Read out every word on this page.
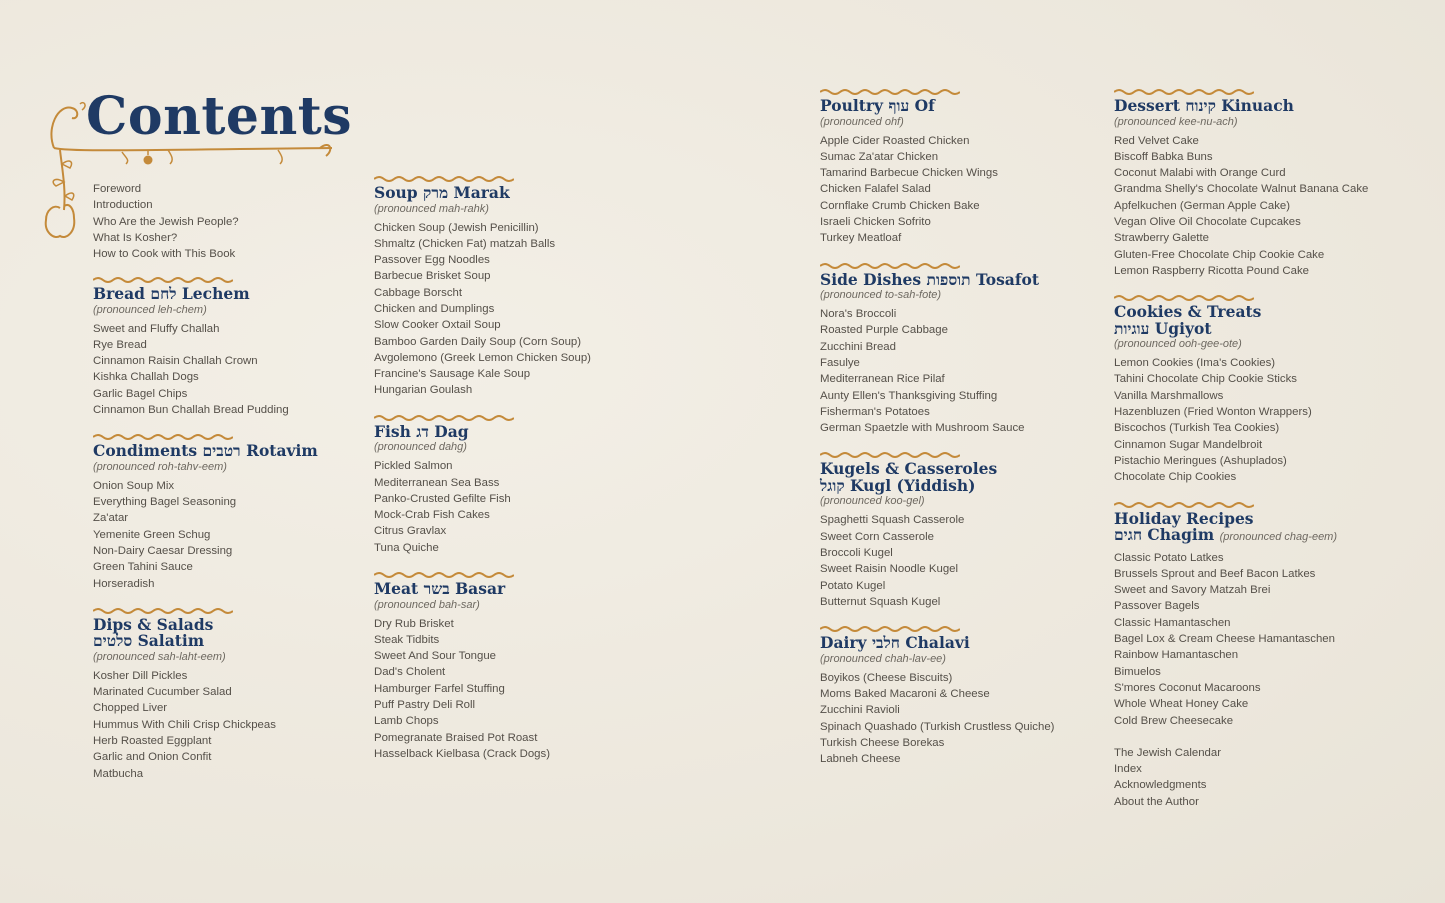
Contents
Foreword
Introduction
Who Are the Jewish People?
What Is Kosher?
How to Cook with This Book
Bread לחם Lechem
(pronounced leh-chem)
Sweet and Fluffy Challah
Rye Bread
Cinnamon Raisin Challah Crown
Kishka Challah Dogs
Garlic Bagel Chips
Cinnamon Bun Challah Bread Pudding
Condiments רטבים Rotavim
(pronounced roh-tahv-eem)
Onion Soup Mix
Everything Bagel Seasoning
Za'atar
Yemenite Green Schug
Non-Dairy Caesar Dressing
Green Tahini Sauce
Horseradish
Dips & Salads
סלטים Salatim
(pronounced sah-laht-eem)
Kosher Dill Pickles
Marinated Cucumber Salad
Chopped Liver
Hummus With Chili Crisp Chickpeas
Herb Roasted Eggplant
Garlic and Onion Confit
Matbucha
Soup מרק Marak
(pronounced mah-rahk)
Chicken Soup (Jewish Penicillin)
Shmaltz (Chicken Fat) matzah Balls
Passover Egg Noodles
Barbecue Brisket Soup
Cabbage Borscht
Chicken and Dumplings
Slow Cooker Oxtail Soup
Bamboo Garden Daily Soup (Corn Soup)
Avgolemono (Greek Lemon Chicken Soup)
Francine's Sausage Kale Soup
Hungarian Goulash
Fish דג Dag
(pronounced dahg)
Pickled Salmon
Mediterranean Sea Bass
Panko-Crusted Gefilte Fish
Mock-Crab Fish Cakes
Citrus Gravlax
Tuna Quiche
Meat בשר Basar
(pronounced bah-sar)
Dry Rub Brisket
Steak Tidbits
Sweet And Sour Tongue
Dad's Cholent
Hamburger Farfel Stuffing
Puff Pastry Deli Roll
Lamb Chops
Pomegranate Braised Pot Roast
Hasselback Kielbasa (Crack Dogs)
Poultry עוף Of
(pronounced ohf)
Apple Cider Roasted Chicken
Sumac Za'atar Chicken
Tamarind Barbecue Chicken Wings
Chicken Falafel Salad
Cornflake Crumb Chicken Bake
Israeli Chicken Sofrito
Turkey Meatloaf
Side Dishes תוספות Tosafot
(pronounced to-sah-fote)
Nora's Broccoli
Roasted Purple Cabbage
Zucchini Bread
Fasulye
Mediterranean Rice Pilaf
Aunty Ellen's Thanksgiving Stuffing
Fisherman's Potatoes
German Spaetzle with Mushroom Sauce
Kugels & Casseroles
קוגל Kugl (Yiddish)
(pronounced koo-gel)
Spaghetti Squash Casserole
Sweet Corn Casserole
Broccoli Kugel
Sweet Raisin Noodle Kugel
Potato Kugel
Butternut Squash Kugel
Dairy חלבי Chalavi
(pronounced chah-lav-ee)
Boyikos (Cheese Biscuits)
Moms Baked Macaroni & Cheese
Zucchini Ravioli
Spinach Quashado (Turkish Crustless Quiche)
Turkish Cheese Borekas
Labneh Cheese
Dessert קינוח Kinuach
(pronounced kee-nu-ach)
Red Velvet Cake
Biscoff Babka Buns
Coconut Malabi with Orange Curd
Grandma Shelly's Chocolate Walnut Banana Cake
Apfelkuchen (German Apple Cake)
Vegan Olive Oil Chocolate Cupcakes
Strawberry Galette
Gluten-Free Chocolate Chip Cookie Cake
Lemon Raspberry Ricotta Pound Cake
Cookies & Treats
עוגיות Ugiyot
(pronounced ooh-gee-ote)
Lemon Cookies (Ima's Cookies)
Tahini Chocolate Chip Cookie Sticks
Vanilla Marshmallows
Hazenbluzen (Fried Wonton Wrappers)
Biscochos (Turkish Tea Cookies)
Cinnamon Sugar Mandelbroit
Pistachio Meringues (Ashuplados)
Chocolate Chip Cookies
Holiday Recipes
חגים Chagim (pronounced chag-eem)
Classic Potato Latkes
Brussels Sprout and Beef Bacon Latkes
Sweet and Savory Matzah Brei
Passover Bagels
Classic Hamantaschen
Bagel Lox & Cream Cheese Hamantaschen
Rainbow Hamantaschen
Bimuelos
S'mores Coconut Macaroons
Whole Wheat Honey Cake
Cold Brew Cheesecake
The Jewish Calendar
Index
Acknowledgments
About the Author
